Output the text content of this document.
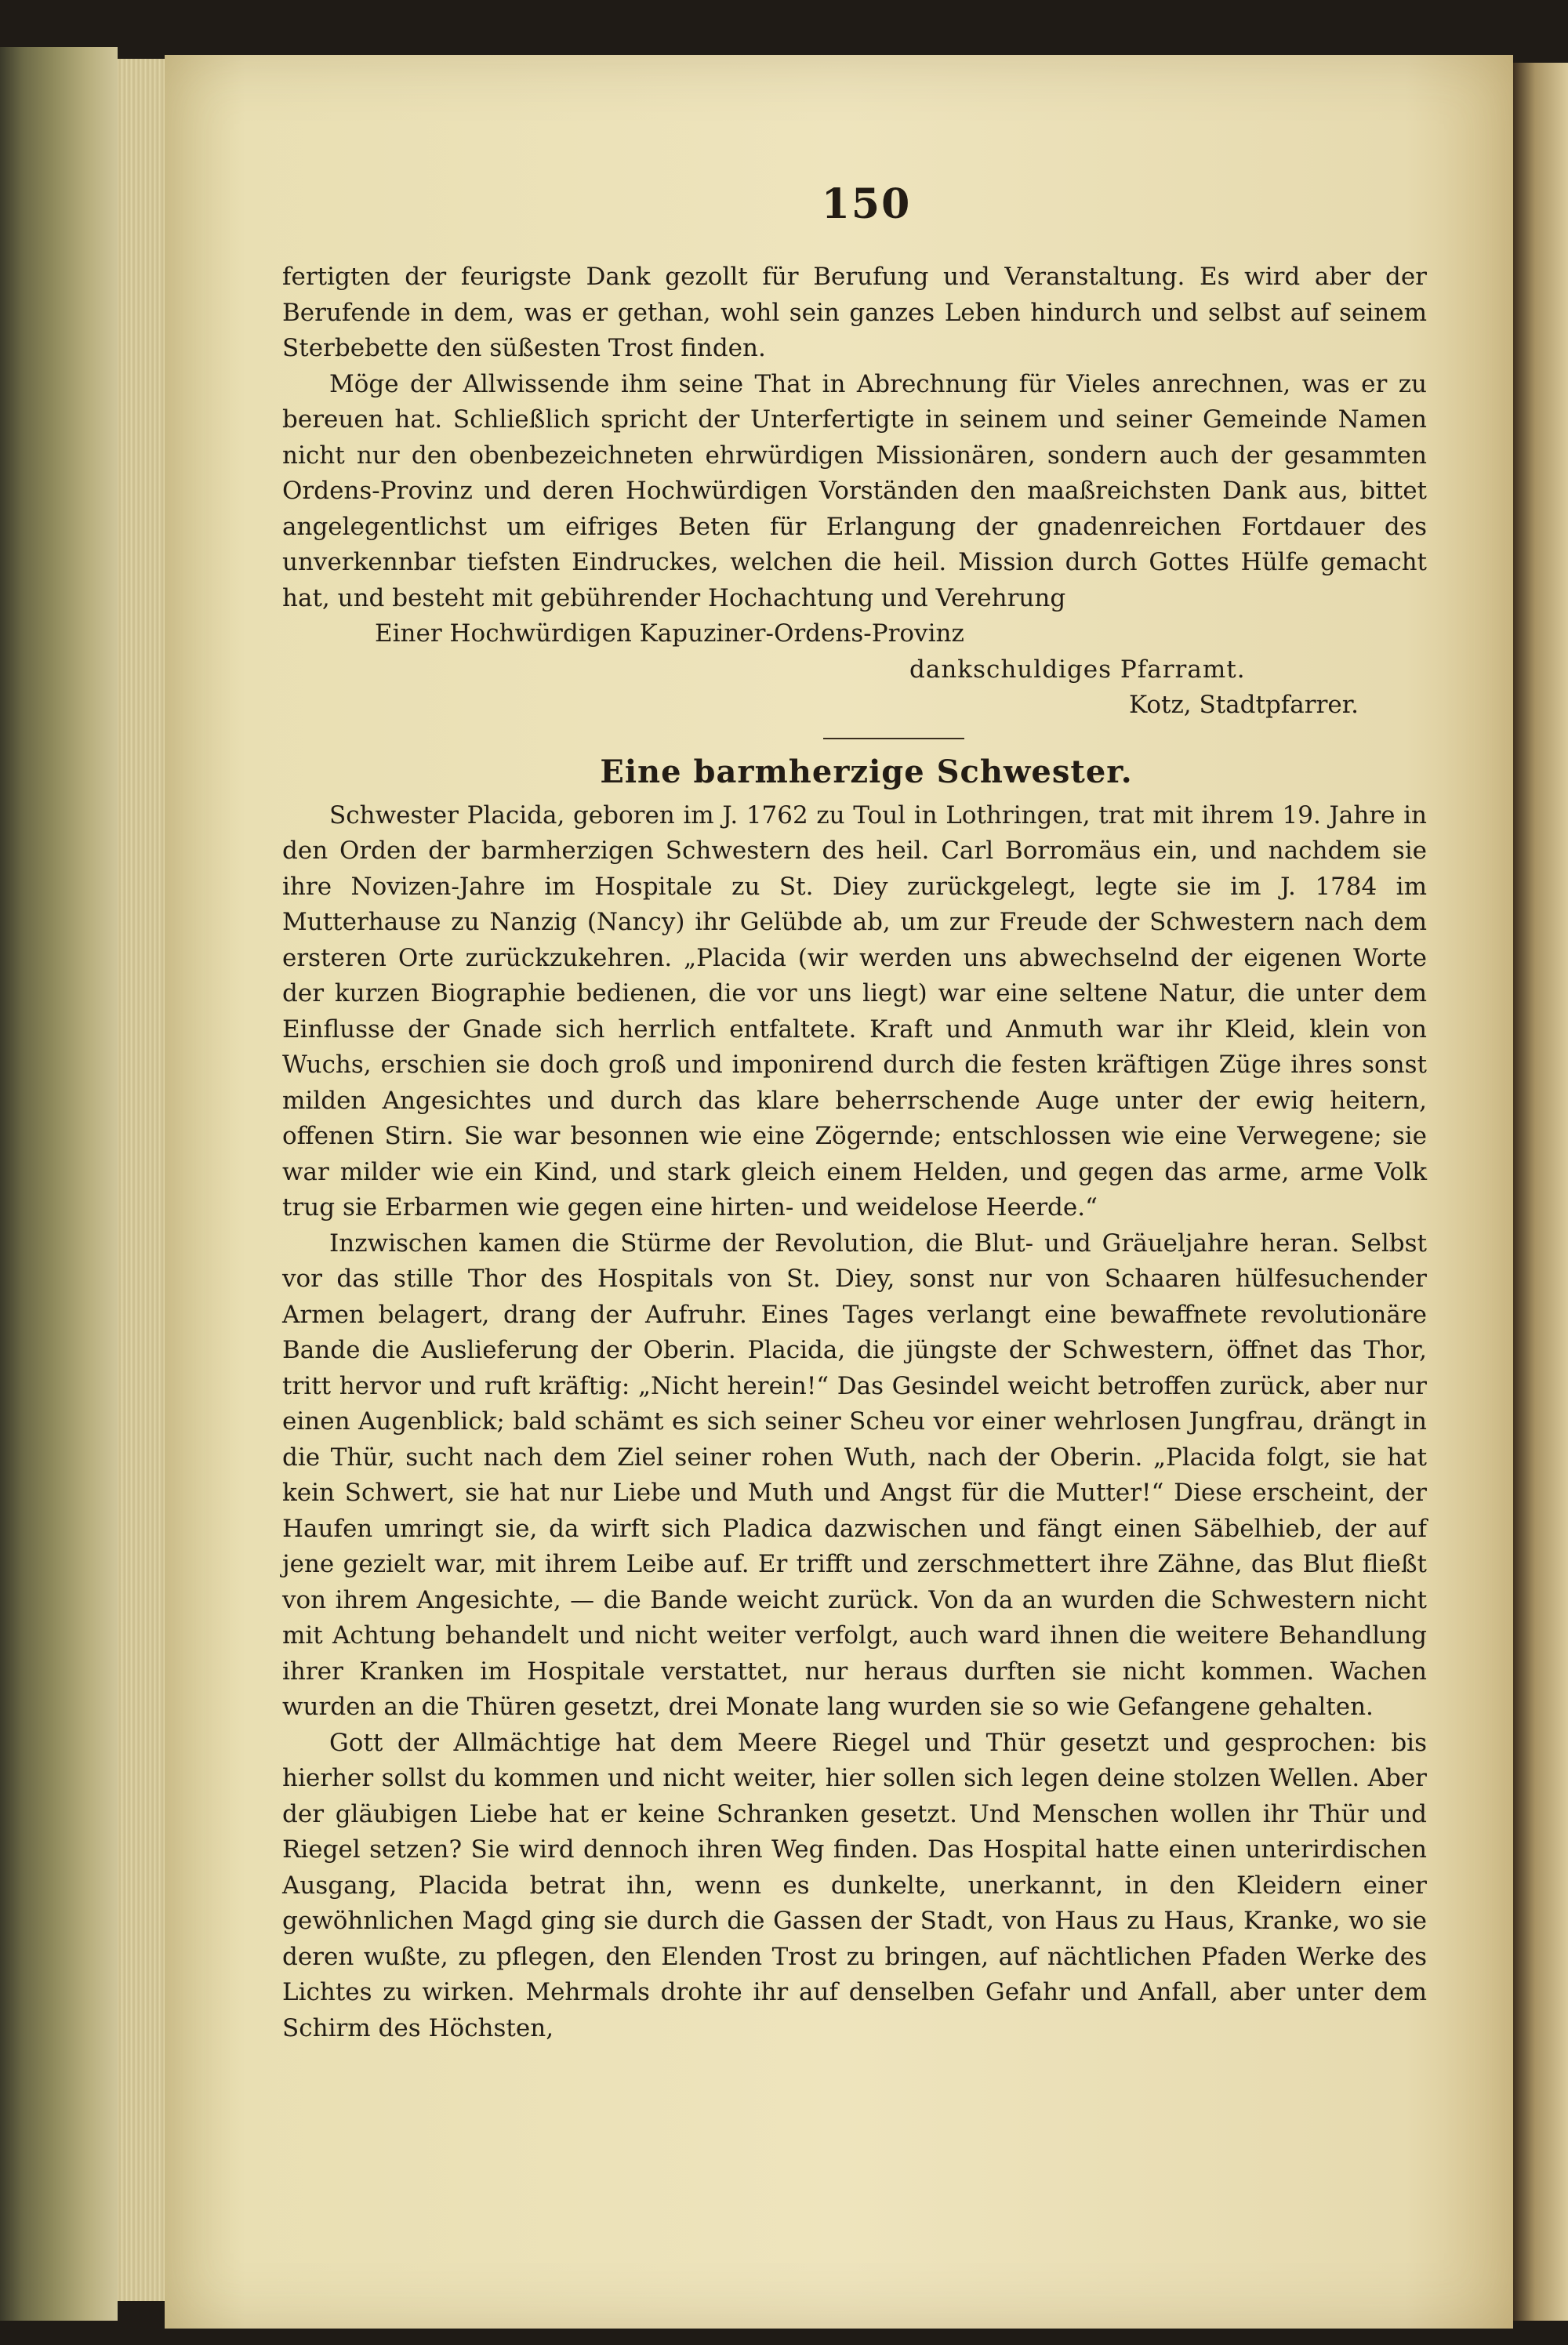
150

fertigten der feurigste Dank gezollt für Berufung und Veranstaltung. Es wird aber der Berufende in dem, was er gethan, wohl sein ganzes Leben hindurch und selbst auf seinem Sterbebette den süßesten Trost finden.

Möge der Allwissende ihm seine That in Abrechnung für Vieles anrechnen, was er zu bereuen hat. Schließlich spricht der Unterfertigte in seinem und seiner Gemeinde Namen nicht nur den obenbezeichneten ehrwürdigen Missionären, sondern auch der gesammten Ordens-Provinz und deren Hochwürdigen Vorständen den maaßreichsten Dank aus, bittet angelegentlichst um eifriges Beten für Erlangung der gnadenreichen Fortdauer des unverkennbar tiefsten Eindruckes, welchen die heil. Mission durch Gottes Hülfe gemacht hat, und besteht mit gebührender Hochachtung und Verehrung

Einer Hochwürdigen Kapuziner-Ordens-Provinz
dankschuldiges Pfarramt.
Kotz, Stadtpfarrer.
Eine barmherzige Schwester.

Schwester Placida, geboren im J. 1762 zu Toul in Lothringen, trat mit ihrem 19. Jahre in den Orden der barmherzigen Schwestern des heil. Carl Borromäus ein, und nachdem sie ihre Novizen-Jahre im Hospitale zu St. Diey zurückgelegt, legte sie im J. 1784 im Mutterhause zu Nanzig (Nancy) ihr Gelübde ab, um zur Freude der Schwestern nach dem ersteren Orte zurückzukehren. „Placida (wir werden uns abwechselnd der eigenen Worte der kurzen Biographie bedienen, die vor uns liegt) war eine seltene Natur, die unter dem Einflusse der Gnade sich herrlich entfaltete. Kraft und Anmuth war ihr Kleid, klein von Wuchs, erschien sie doch groß und imponirend durch die festen kräftigen Züge ihres sonst milden Angesichtes und durch das klare beherrschende Auge unter der ewig heitern, offenen Stirn. Sie war besonnen wie eine Zögernde; entschlossen wie eine Verwegene; sie war milder wie ein Kind, und stark gleich einem Helden, und gegen das arme, arme Volk trug sie Erbarmen wie gegen eine hirten- und weidelose Heerde.“

Inzwischen kamen die Stürme der Revolution, die Blut- und Gräueljahre heran. Selbst vor das stille Thor des Hospitals von St. Diey, sonst nur von Schaaren hülfesuchender Armen belagert, drang der Aufruhr. Eines Tages verlangt eine bewaffnete revolutionäre Bande die Auslieferung der Oberin. Placida, die jüngste der Schwestern, öffnet das Thor, tritt hervor und ruft kräftig: „Nicht herein!“ Das Gesindel weicht betroffen zurück, aber nur einen Augenblick; bald schämt es sich seiner Scheu vor einer wehrlosen Jungfrau, drängt in die Thür, sucht nach dem Ziel seiner rohen Wuth, nach der Oberin. „Placida folgt, sie hat kein Schwert, sie hat nur Liebe und Muth und Angst für die Mutter!“ Diese erscheint, der Haufen umringt sie, da wirft sich Pladica dazwischen und fängt einen Säbelhieb, der auf jene gezielt war, mit ihrem Leibe auf. Er trifft und zerschmettert ihre Zähne, das Blut fließt von ihrem Angesichte, — die Bande weicht zurück. Von da an wurden die Schwestern nicht mit Achtung behandelt und nicht weiter verfolgt, auch ward ihnen die weitere Behandlung ihrer Kranken im Hospitale verstattet, nur heraus durften sie nicht kommen. Wachen wurden an die Thüren gesetzt, drei Monate lang wurden sie so wie Gefangene gehalten.

Gott der Allmächtige hat dem Meere Riegel und Thür gesetzt und gesprochen: bis hierher sollst du kommen und nicht weiter, hier sollen sich legen deine stolzen Wellen. Aber der gläubigen Liebe hat er keine Schranken gesetzt. Und Menschen wollen ihr Thür und Riegel setzen? Sie wird dennoch ihren Weg finden. Das Hospital hatte einen unterirdischen Ausgang, Placida betrat ihn, wenn es dunkelte, unerkannt, in den Kleidern einer gewöhnlichen Magd ging sie durch die Gassen der Stadt, von Haus zu Haus, Kranke, wo sie deren wußte, zu pflegen, den Elenden Trost zu bringen, auf nächtlichen Pfaden Werke des Lichtes zu wirken. Mehrmals drohte ihr auf denselben Gefahr und Anfall, aber unter dem Schirm des Höchsten,
